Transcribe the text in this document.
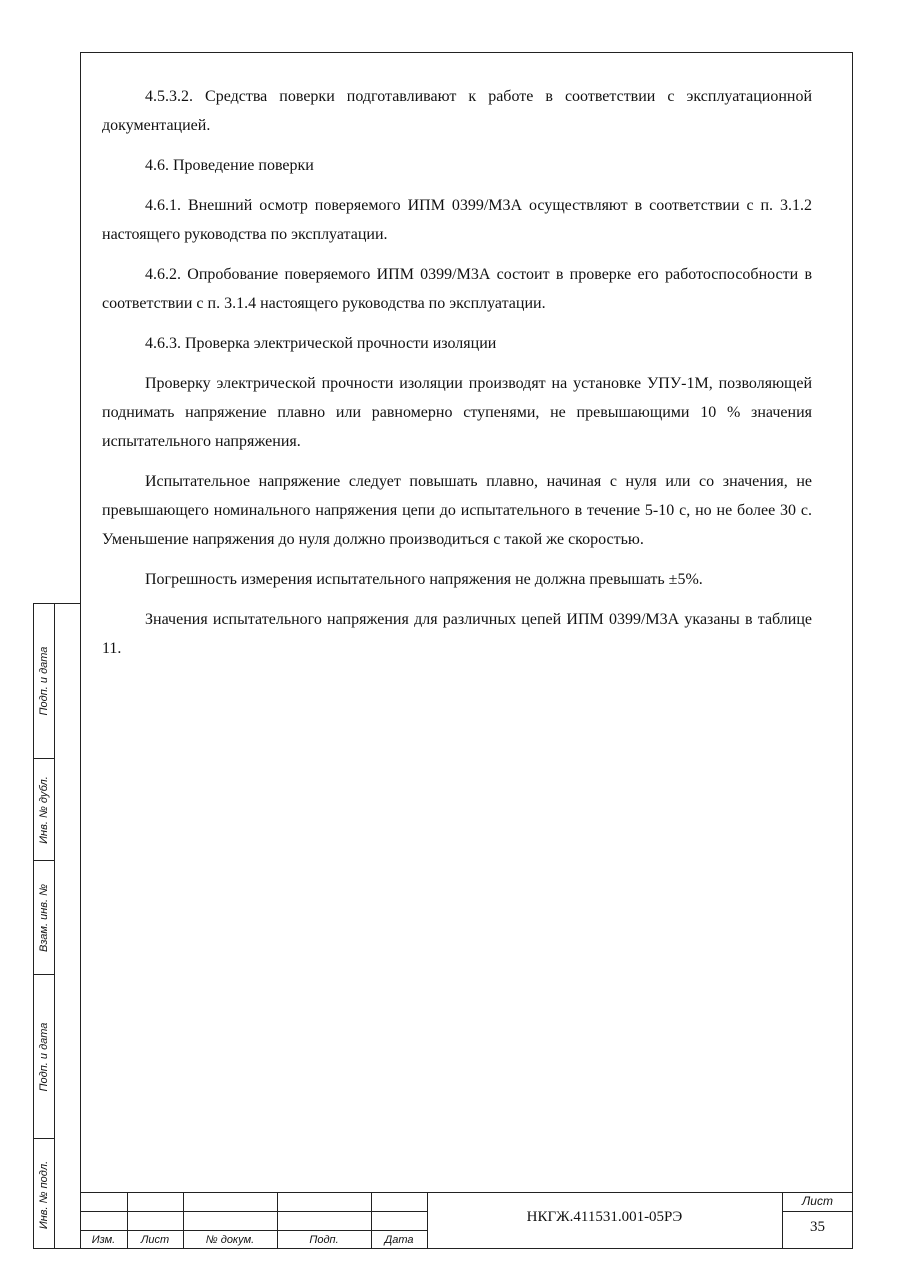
4.5.3.2. Средства поверки подготавливают к работе в соответствии с эксплуатационной документацией.

4.6. Проведение поверки

4.6.1. Внешний осмотр поверяемого ИПМ 0399/М3А осуществляют в соответствии с п. 3.1.2 настоящего руководства по эксплуатации.

4.6.2. Опробование поверяемого ИПМ 0399/М3А состоит в проверке его работоспособности в соответствии с п. 3.1.4 настоящего руководства по эксплуатации.

4.6.3. Проверка электрической прочности изоляции

Проверку электрической прочности изоляции производят на установке УПУ-1М, позволяющей поднимать напряжение плавно или равномерно ступенями, не превышающими 10 % значения испытательного напряжения.

Испытательное напряжение следует повышать плавно, начиная с нуля или со значения, не превышающего номинального напряжения цепи до испытательного в течение 5-10 с, но не более 30 с. Уменьшение напряжения до нуля должно производиться с такой же скоростью.

Погрешность измерения испытательного напряжения не должна превышать ±5%.

Значения испытательного напряжения для различных цепей ИПМ 0399/М3А указаны в таблице 11.

Подп. и дата
Инв. № дубл.
Взам. инв. №
Подп. и дата
Инв. № подл.
Изм.	Лист	№ докум.	Подп.	Дата
НКГЖ.411531.001-05РЭ
Лист
35
